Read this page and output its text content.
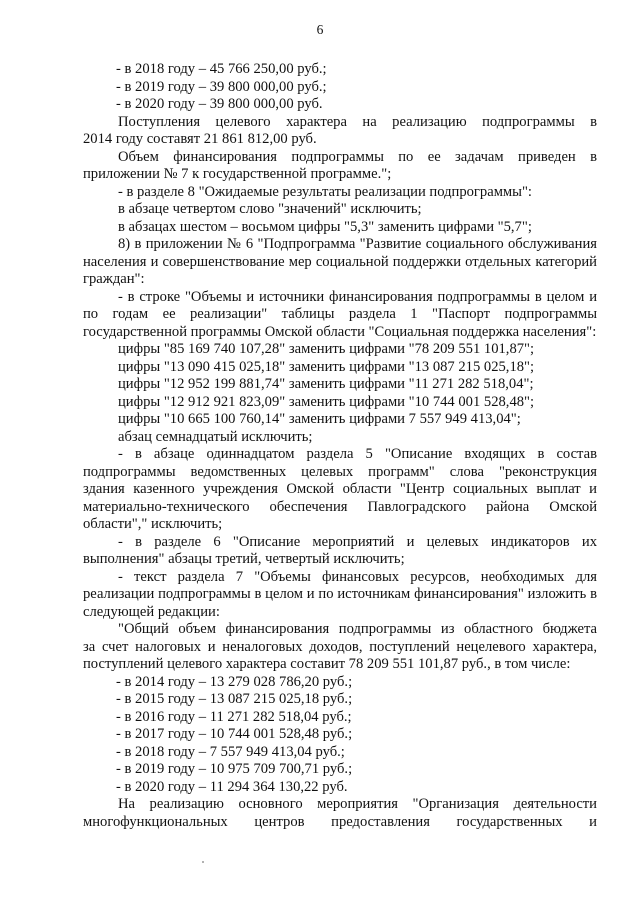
6
- в 2018 году – 45 766 250,00 руб.;
- в 2019 году – 39 800 000,00 руб.;
- в 2020 году – 39 800 000,00 руб.
Поступления целевого характера на реализацию подпрограммы в
2014 году составят 21 861 812,00 руб.
Объем финансирования подпрограммы по ее задачам приведен в
приложении № 7 к государственной программе.";
- в разделе 8 "Ожидаемые результаты реализации подпрограммы":
в абзаце четвертом слово "значений" исключить;
в абзацах шестом – восьмом цифры "5,3" заменить цифрами "5,7";
8) в приложении № 6 "Подпрограмма "Развитие социального обслуживания
населения и совершенствование мер социальной поддержки отдельных категорий
граждан":
- в строке "Объемы и источники финансирования подпрограммы в целом и
по годам ее реализации" таблицы раздела 1 "Паспорт подпрограммы
государственной программы Омской области "Социальная поддержка населения":
цифры "85 169 740 107,28" заменить цифрами "78 209 551 101,87";
цифры "13 090 415 025,18" заменить цифрами "13 087 215 025,18";
цифры "12 952 199 881,74" заменить цифрами "11 271 282 518,04";
цифры "12 912 921 823,09" заменить цифрами "10 744 001 528,48";
цифры "10 665 100 760,14" заменить цифрами 7 557 949 413,04";
абзац семнадцатый исключить;
- в абзаце одиннадцатом раздела 5 "Описание входящих в состав
подпрограммы ведомственных целевых программ" слова "реконструкция
здания казенного учреждения Омской области "Центр социальных выплат и
материально-технического обеспечения Павлоградского района Омской
области"," исключить;
- в разделе 6 "Описание мероприятий и целевых индикаторов их
выполнения" абзацы третий, четвертый исключить;
- текст раздела 7 "Объемы финансовых ресурсов, необходимых для
реализации подпрограммы в целом и по источникам финансирования" изложить в
следующей редакции:
"Общий объем финансирования подпрограммы из областного бюджета
за счет налоговых и неналоговых доходов, поступлений нецелевого характера,
поступлений целевого характера составит 78 209 551 101,87 руб., в том числе:
- в 2014 году – 13 279 028 786,20 руб.;
- в 2015 году – 13 087 215 025,18 руб.;
- в 2016 году – 11 271 282 518,04 руб.;
- в 2017 году – 10 744 001 528,48 руб.;
- в 2018 году – 7 557 949 413,04 руб.;
- в 2019 году – 10 975 709 700,71 руб.;
- в 2020 году – 11 294 364 130,22 руб.
На реализацию основного мероприятия "Организация деятельности
многофункциональных центров предоставления государственных и
